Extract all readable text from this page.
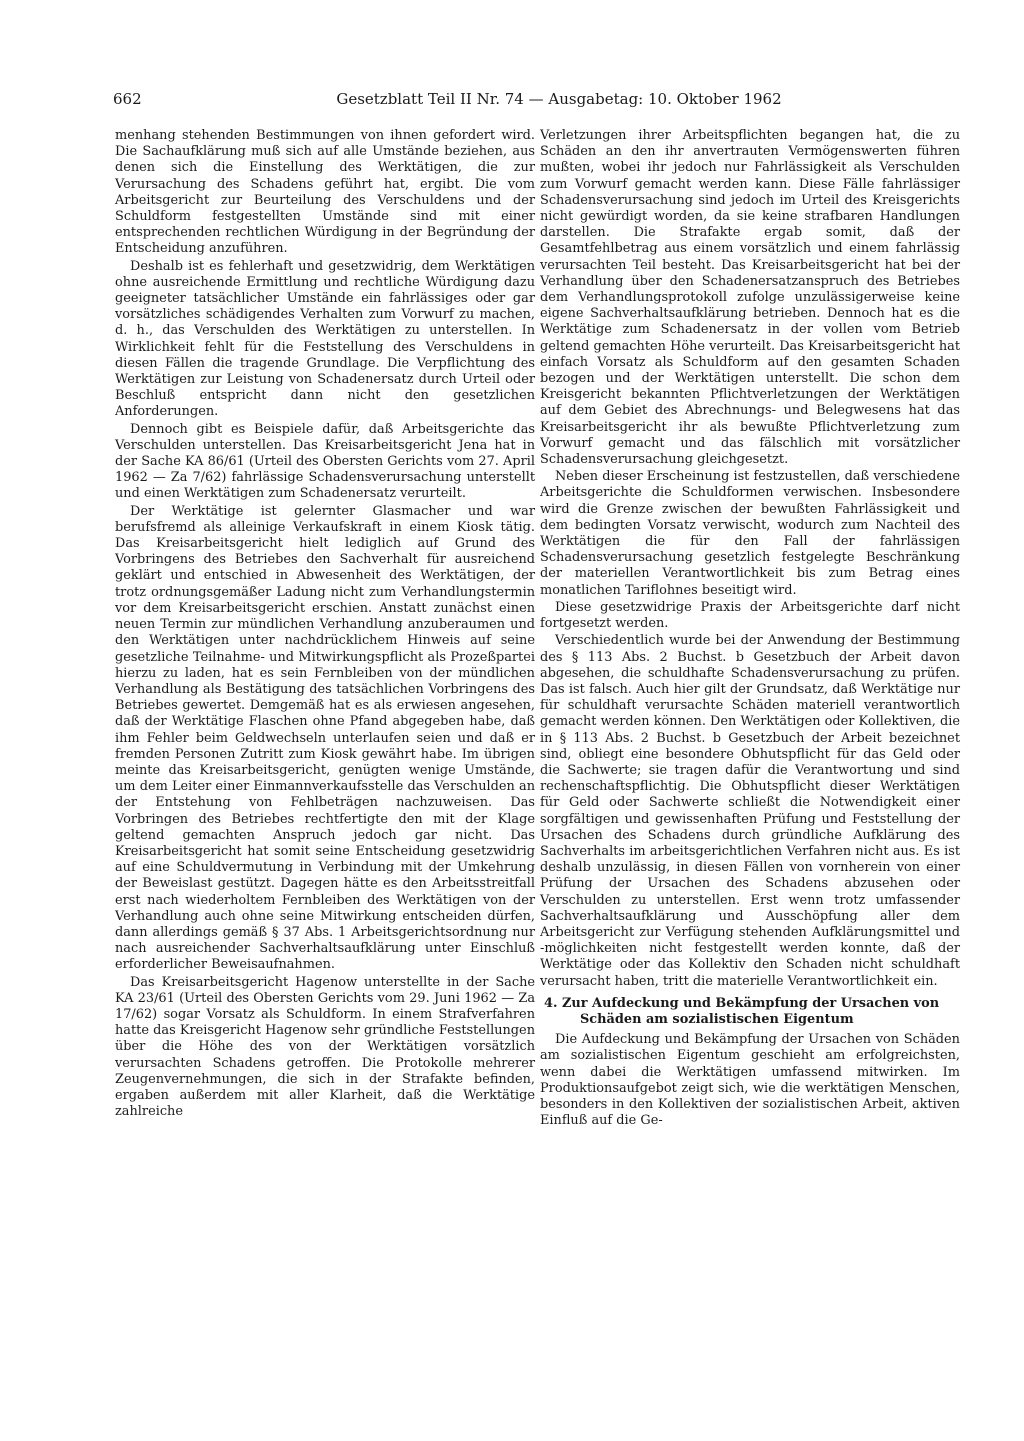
662	Gesetzblatt Teil II Nr. 74 — Ausgabetag: 10. Oktober 1962

menhang stehenden Bestimmungen von ihnen gefordert wird. Die Sachaufklärung muß sich auf alle Umstände beziehen, aus denen sich die Einstellung des Werktätigen, die zur Verursachung des Schadens geführt hat, ergibt. Die vom Arbeitsgericht zur Beurteilung des Verschuldens und der Schuldform festgestellten Umstände sind mit einer entsprechenden rechtlichen Würdigung in der Begründung der Entscheidung anzuführen.

Deshalb ist es fehlerhaft und gesetzwidrig, dem Werktätigen ohne ausreichende Ermittlung und rechtliche Würdigung dazu geeigneter tatsächlicher Umstände ein fahrlässiges oder gar vorsätzliches schädigendes Verhalten zum Vorwurf zu machen, d. h., das Verschulden des Werktätigen zu unterstellen. In Wirklichkeit fehlt für die Feststellung des Verschuldens in diesen Fällen die tragende Grundlage. Die Verpflichtung des Werktätigen zur Leistung von Schadenersatz durch Urteil oder Beschluß entspricht dann nicht den gesetzlichen Anforderungen.

Dennoch gibt es Beispiele dafür, daß Arbeitsgerichte das Verschulden unterstellen. Das Kreisarbeitsgericht Jena hat in der Sache KA 86/61 (Urteil des Obersten Gerichts vom 27. April 1962 — Za 7/62) fahrlässige Schadensverursachung unterstellt und einen Werktätigen zum Schadenersatz verurteilt.

Der Werktätige ist gelernter Glasmacher und war berufsfremd als alleinige Verkaufskraft in einem Kiosk tätig. Das Kreisarbeitsgericht hielt lediglich auf Grund des Vorbringens des Betriebes den Sachverhalt für ausreichend geklärt und entschied in Abwesenheit des Werktätigen, der trotz ordnungsgemäßer Ladung nicht zum Verhandlungstermin vor dem Kreisarbeitsgericht erschien. Anstatt zunächst einen neuen Termin zur mündlichen Verhandlung anzuberaumen und den Werktätigen unter nachdrücklichem Hinweis auf seine gesetzliche Teilnahme- und Mitwirkungspflicht als Prozeßpartei hierzu zu laden, hat es sein Fernbleiben von der mündlichen Verhandlung als Bestätigung des tatsächlichen Vorbringens des Betriebes gewertet. Demgemäß hat es als erwiesen angesehen, daß der Werktätige Flaschen ohne Pfand abgegeben habe, daß ihm Fehler beim Geldwechseln unterlaufen seien und daß er fremden Personen Zutritt zum Kiosk gewährt habe. Im übrigen meinte das Kreisarbeitsgericht, genügten wenige Umstände, um dem Leiter einer Einmannverkaufsstelle das Verschulden an der Entstehung von Fehlbeträgen nachzuweisen. Das Vorbringen des Betriebes rechtfertigte den mit der Klage geltend gemachten Anspruch jedoch gar nicht. Das Kreisarbeitsgericht hat somit seine Entscheidung gesetzwidrig auf eine Schuldvermutung in Verbindung mit der Umkehrung der Beweislast gestützt. Dagegen hätte es den Arbeitsstreitfall erst nach wiederholtem Fernbleiben des Werktätigen von der Verhandlung auch ohne seine Mitwirkung entscheiden dürfen, dann allerdings gemäß § 37 Abs. 1 Arbeitsgerichtsordnung nur nach ausreichender Sachverhaltsaufklärung unter Einschluß erforderlicher Beweisaufnahmen.

Das Kreisarbeitsgericht Hagenow unterstellte in der Sache KA 23/61 (Urteil des Obersten Gerichts vom 29. Juni 1962 — Za 17/62) sogar Vorsatz als Schuldform. In einem Strafverfahren hatte das Kreisgericht Hagenow sehr gründliche Feststellungen über die Höhe des von der Werktätigen vorsätzlich verursachten Schadens getroffen. Die Protokolle mehrerer Zeugenvernehmungen, die sich in der Strafakte befinden, ergaben außerdem mit aller Klarheit, daß die Werktätige zahlreiche

Verletzungen ihrer Arbeitspflichten begangen hat, die zu Schäden an den ihr anvertrauten Vermögenswerten führen mußten, wobei ihr jedoch nur Fahrlässigkeit als Verschulden zum Vorwurf gemacht werden kann. Diese Fälle fahrlässiger Schadensverursachung sind jedoch im Urteil des Kreisgerichts nicht gewürdigt worden, da sie keine strafbaren Handlungen darstellen. Die Strafakte ergab somit, daß der Gesamtfehlbetrag aus einem vorsätzlich und einem fahrlässig verursachten Teil besteht. Das Kreisarbeitsgericht hat bei der Verhandlung über den Schadenersatzanspruch des Betriebes dem Verhandlungsprotokoll zufolge unzulässigerweise keine eigene Sachverhaltsaufklärung betrieben. Dennoch hat es die Werktätige zum Schadenersatz in der vollen vom Betrieb geltend gemachten Höhe verurteilt. Das Kreisarbeitsgericht hat einfach Vorsatz als Schuldform auf den gesamten Schaden bezogen und der Werktätigen unterstellt. Die schon dem Kreisgericht bekannten Pflichtverletzungen der Werktätigen auf dem Gebiet des Abrechnungs- und Belegwesens hat das Kreisarbeitsgericht ihr als bewußte Pflichtverletzung zum Vorwurf gemacht und das fälschlich mit vorsätzlicher Schadensverursachung gleichgesetzt.

Neben dieser Erscheinung ist festzustellen, daß verschiedene Arbeitsgerichte die Schuldformen verwischen. Insbesondere wird die Grenze zwischen der bewußten Fahrlässigkeit und dem bedingten Vorsatz verwischt, wodurch zum Nachteil des Werktätigen die für den Fall der fahrlässigen Schadensverursachung gesetzlich festgelegte Beschränkung der materiellen Verantwortlichkeit bis zum Betrag eines monatlichen Tariflohnes beseitigt wird.

Diese gesetzwidrige Praxis der Arbeitsgerichte darf nicht fortgesetzt werden.

Verschiedentlich wurde bei der Anwendung der Bestimmung des § 113 Abs. 2 Buchst. b Gesetzbuch der Arbeit davon abgesehen, die schuldhafte Schadensverursachung zu prüfen. Das ist falsch. Auch hier gilt der Grundsatz, daß Werktätige nur für schuldhaft verursachte Schäden materiell verantwortlich gemacht werden können. Den Werktätigen oder Kollektiven, die in § 113 Abs. 2 Buchst. b Gesetzbuch der Arbeit bezeichnet sind, obliegt eine besondere Obhutspflicht für das Geld oder die Sachwerte; sie tragen dafür die Verantwortung und sind rechenschaftspflichtig. Die Obhutspflicht dieser Werktätigen für Geld oder Sachwerte schließt die Notwendigkeit einer sorgfältigen und gewissenhaften Prüfung und Feststellung der Ursachen des Schadens durch gründliche Aufklärung des Sachverhalts im arbeitsgerichtlichen Verfahren nicht aus. Es ist deshalb unzulässig, in diesen Fällen von vornherein von einer Prüfung der Ursachen des Schadens abzusehen oder Verschulden zu unterstellen. Erst wenn trotz umfassender Sachverhaltsaufklärung und Ausschöpfung aller dem Arbeitsgericht zur Verfügung stehenden Aufklärungsmittel und -möglichkeiten nicht festgestellt werden konnte, daß der Werktätige oder das Kollektiv den Schaden nicht schuldhaft verursacht haben, tritt die materielle Verantwortlichkeit ein.

4. Zur Aufdeckung und Bekämpfung der Ursachen von Schäden am sozialistischen Eigentum

Die Aufdeckung und Bekämpfung der Ursachen von Schäden am sozialistischen Eigentum geschieht am erfolgreichsten, wenn dabei die Werktätigen umfassend mitwirken. Im Produktionsaufgebot zeigt sich, wie die werktätigen Menschen, besonders in den Kollektiven der sozialistischen Arbeit, aktiven Einfluß auf die Ge-
